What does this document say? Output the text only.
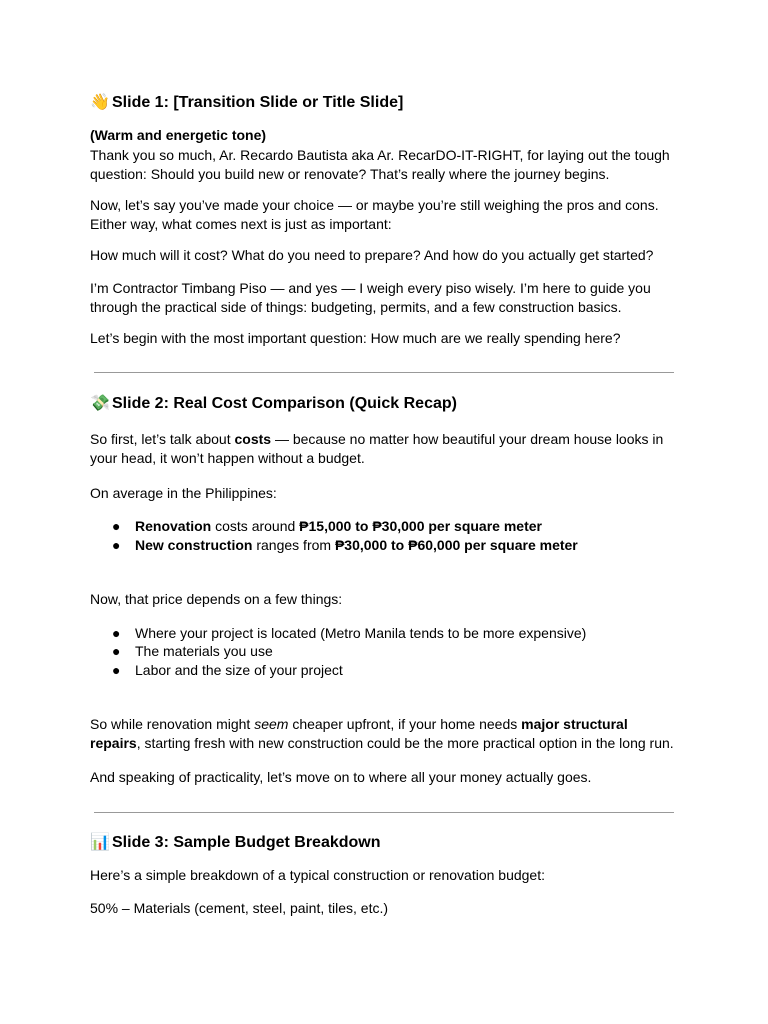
👋 Slide 1: [Transition Slide or Title Slide]
(Warm and energetic tone)
Thank you so much, Ar. Recardo Bautista aka Ar. RecarDO-IT-RIGHT, for laying out the tough question: Should you build new or renovate? That’s really where the journey begins.
Now, let’s say you’ve made your choice — or maybe you’re still weighing the pros and cons. Either way, what comes next is just as important:
How much will it cost? What do you need to prepare? And how do you actually get started?
I’m Contractor Timbang Piso — and yes — I weigh every piso wisely. I’m here to guide you through the practical side of things: budgeting, permits, and a few construction basics.
Let’s begin with the most important question: How much are we really spending here?
💸 Slide 2: Real Cost Comparison (Quick Recap)
So first, let’s talk about costs — because no matter how beautiful your dream house looks in your head, it won’t happen without a budget.
On average in the Philippines:
● Renovation costs around ₱15,000 to ₱30,000 per square meter
● New construction ranges from ₱30,000 to ₱60,000 per square meter
Now, that price depends on a few things:
● Where your project is located (Metro Manila tends to be more expensive)
● The materials you use
● Labor and the size of your project
So while renovation might seem cheaper upfront, if your home needs major structural repairs, starting fresh with new construction could be the more practical option in the long run.
And speaking of practicality, let’s move on to where all your money actually goes.
📊 Slide 3: Sample Budget Breakdown
Here’s a simple breakdown of a typical construction or renovation budget:
50% – Materials (cement, steel, paint, tiles, etc.)
